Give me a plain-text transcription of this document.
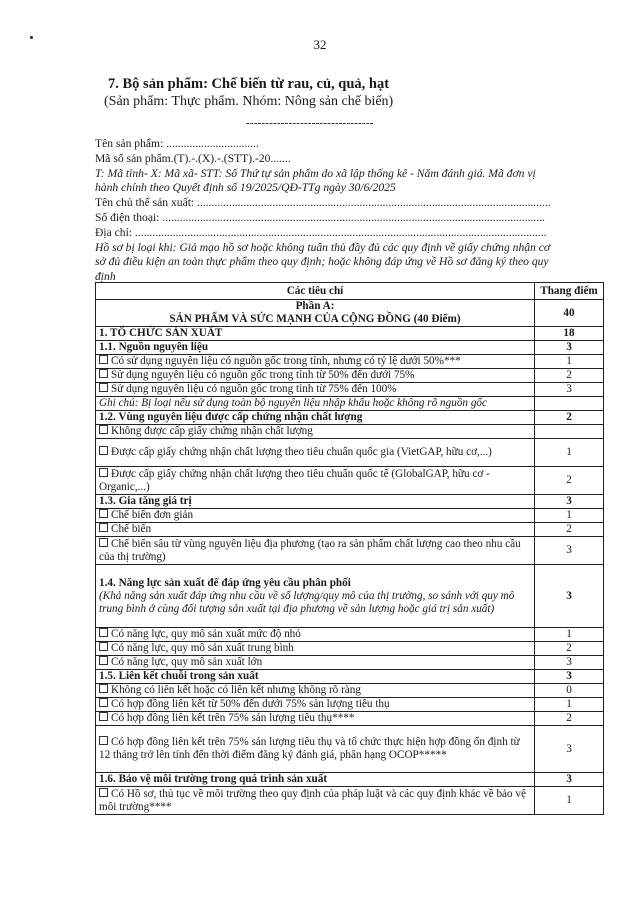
32
7. Bộ sản phẩm: Chế biến từ rau, củ, quả, hạt
(Sản phẩm: Thực phẩm. Nhóm: Nông sản chế biến)
---------------------------------
Tên sản phẩm: ................................
Mã số sản phẩm.(T).-.(X).-.(STT).-20.......
T: Mã tỉnh- X: Mã xã- STT: Số Thứ tự sản phẩm do xã lập thống kê - Năm đánh giá. Mã đơn vị hành chính theo Quyết định số 19/2025/QĐ-TTg ngày 30/6/2025
Tên chủ thể sản xuất: ..........................................................................................................................
Số điện thoại: ....................................................................................................................................
Địa chỉ: ..............................................................................................................................................
Hồ sơ bị loại khi: Giả mạo hồ sơ hoặc không tuân thủ đầy đủ các quy định về giấy chứng nhận cơ sở đủ điều kiện an toàn thực phẩm theo quy định; hoặc không đáp ứng về Hồ sơ đăng ký theo quy định
Các tiêu chí	Thang điểm

Phần A:
SẢN PHẨM VÀ SỨC MẠNH CỦA CỘNG ĐỒNG (40 Điểm)	40
1. TỔ CHỨC SẢN XUẤT	18
1.1. Nguồn nguyên liệu	3
Có sử dụng nguyên liệu có nguồn gốc trong tỉnh, nhưng có tỷ lệ dưới 50%***	1
Sử dụng nguyên liệu có nguồn gốc trong tỉnh từ 50% đến dưới 75%	2
Sử dụng nguyên liệu có nguồn gốc trong tỉnh từ 75% đến 100%	3
Ghi chú: Bị loại nếu sử dụng toàn bộ nguyên liệu nhập khẩu hoặc không rõ nguồn gốc	
1.2. Vùng nguyên liệu được cấp chứng nhận chất lượng	2
Không được cấp giấy chứng nhận chất lượng	
Được cấp giấy chứng nhận chất lượng theo tiêu chuẩn quốc gia (VietGAP, hữu cơ,...)	1
Được cấp giấy chứng nhận chất lượng theo tiêu chuẩn quốc tế (GlobalGAP, hữu cơ - Organic,...)	2
1.3. Gia tăng giá trị	3
Chế biến đơn giản	1
Chế biến	2
Chế biến sâu từ vùng nguyên liệu địa phương (tạo ra sản phẩm chất lượng cao theo nhu cầu của thị trường)	3
1.4. Năng lực sản xuất để đáp ứng yêu cầu phân phối
(Khả năng sản xuất đáp ứng nhu cầu về số lượng/quy mô của thị trường, so sánh với quy mô trung bình ở cùng đối tượng sản xuất tại địa phương về sản lượng hoặc giá trị sản xuất)	3
Có năng lực, quy mô sản xuất mức độ nhỏ	1
Có năng lực, quy mô sản xuất trung bình	2
Có năng lực, quy mô sản xuất lớn	3
1.5. Liên kết chuỗi trong sản xuất	3
Không có liên kết hoặc có liên kết nhưng không rõ ràng	0
Có hợp đồng liên kết từ 50% đến dưới 75% sản lượng tiêu thụ	1
Có hợp đồng liên kết trên 75% sản lượng tiêu thụ****	2
Có hợp đồng liên kết trên 75% sản lượng tiêu thụ và tổ chức thực hiện hợp đồng ổn định từ 12 tháng trở lên tính đến thời điểm đăng ký đánh giá, phân hạng OCOP*****	3
1.6. Bảo vệ môi trường trong quá trình sản xuất	3
Có Hồ sơ, thủ tục về môi trường theo quy định của pháp luật và các quy định khác về bảo vệ môi trường****	1
